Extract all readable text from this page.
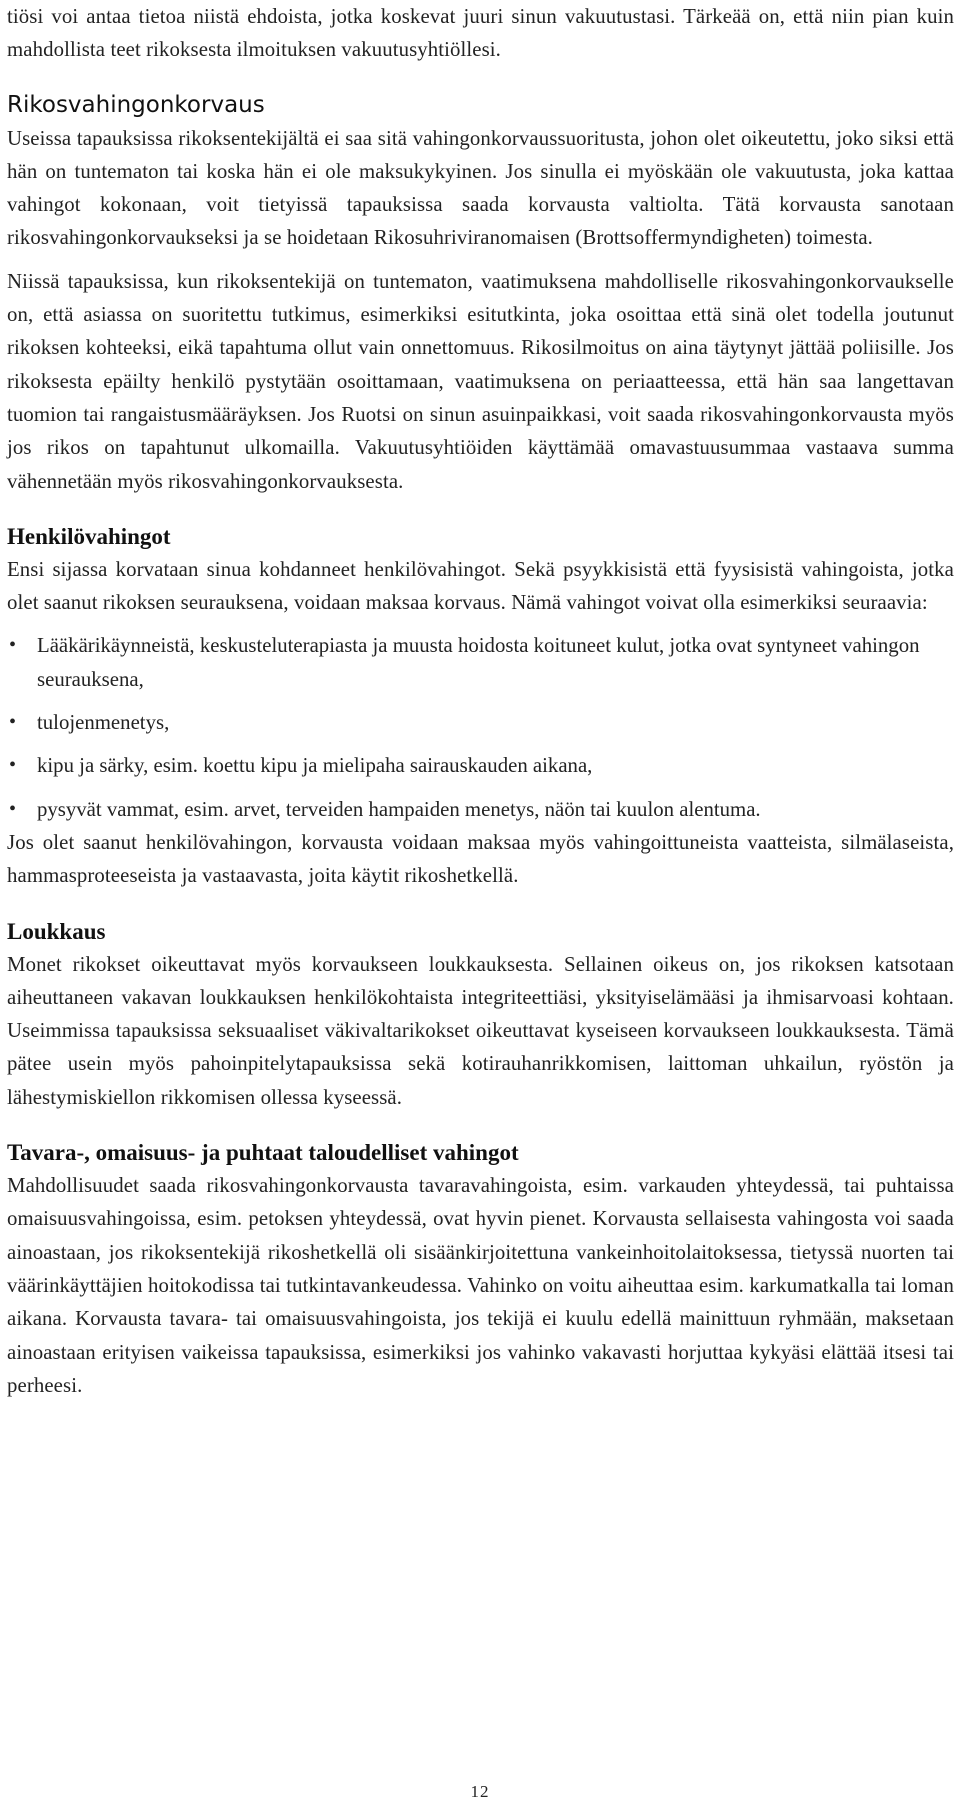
tiösi voi antaa tietoa niistä ehdoista, jotka koskevat juuri sinun vakuutustasi. Tärkeää on, että niin pian kuin mahdollista teet rikoksesta ilmoituksen vakuutusyhtiöllesi.

Rikosvahingonkorvaus

Useissa tapauksissa rikoksentekijältä ei saa sitä vahingonkorvaussuoritusta, johon olet oikeutettu, joko siksi että hän on tuntematon tai koska hän ei ole maksukykyinen. Jos sinulla ei myöskään ole vakuutusta, joka kattaa vahingot kokonaan, voit tietyissä tapauksissa saada korvausta valtiolta. Tätä korvausta sanotaan rikosvahingonkorvaukseksi ja se hoidetaan Rikosuhriviranomaisen (Brottsoffermyndigheten) toimesta.

Niissä tapauksissa, kun rikoksentekijä on tuntematon, vaatimuksena mahdolliselle rikosvahingonkorvaukselle on, että asiassa on suoritettu tutkimus, esimerkiksi esitutkinta, joka osoittaa että sinä olet todella joutunut rikoksen kohteeksi, eikä tapahtuma ollut vain onnettomuus. Rikosilmoitus on aina täytynyt jättää poliisille. Jos rikoksesta epäilty henkilö pystytään osoittamaan, vaatimuksena on periaatteessa, että hän saa langettavan tuomion tai rangaistusmääräyksen. Jos Ruotsi on sinun asuinpaikkasi, voit saada rikosvahingonkorvausta myös jos rikos on tapahtunut ulkomailla. Vakuutusyhtiöiden käyttämää omavastuusummaa vastaava summa vähennetään myös rikosvahingonkorvauksesta.

Henkilövahingot

Ensi sijassa korvataan sinua kohdanneet henkilövahingot. Sekä psyykkisistä että fyysisistä vahingoista, jotka olet saanut rikoksen seurauksena, voidaan maksaa korvaus. Nämä vahingot voivat olla esimerkiksi seuraavia:

• Lääkärikäynneistä, keskusteluterapiasta ja muusta hoidosta koituneet kulut, jotka ovat syntyneet vahingon seurauksena,
• tulojenmenetys,
• kipu ja särky, esim. koettu kipu ja mielipaha sairauskauden aikana,
• pysyvät vammat, esim. arvet, terveiden hampaiden menetys, näön tai kuulon alentuma.

Jos olet saanut henkilövahingon, korvausta voidaan maksaa myös vahingoittuneista vaatteista, silmälaseista, hammasproteeseista ja vastaavasta, joita käytit rikoshetkellä.

Loukkaus

Monet rikokset oikeuttavat myös korvaukseen loukkauksesta. Sellainen oikeus on, jos rikoksen katsotaan aiheuttaneen vakavan loukkauksen henkilökohtaista integriteettiäsi, yksityiselämääsi ja ihmisarvoasi kohtaan. Useimmissa tapauksissa seksuaaliset väkivaltarikokset oikeuttavat kyseiseen korvaukseen loukkauksesta. Tämä pätee usein myös pahoinpitelytapauksissa sekä kotirauhanrikkomisen, laittoman uhkailun, ryöstön ja lähestymiskiellon rikkomisen ollessa kyseessä.

Tavara-, omaisuus- ja puhtaat taloudelliset vahingot

Mahdollisuudet saada rikosvahingonkorvausta tavaravahingoista, esim. varkauden yhteydessä, tai puhtaissa omaisuusvahingoissa, esim. petoksen yhteydessä, ovat hyvin pienet. Korvausta sellaisesta vahingosta voi saada ainoastaan, jos rikoksentekijä rikoshetkellä oli sisäänkirjoitettuna vankeinhoitolaitoksessa, tietyssä nuorten tai väärinkäyttäjien hoitokodissa tai tutkintavankeudessa. Vahinko on voitu aiheuttaa esim. karkumatkalla tai loman aikana. Korvausta tavara- tai omaisuusvahingoista, jos tekijä ei kuulu edellä mainittuun ryhmään, maksetaan ainoastaan erityisen vaikeissa tapauksissa, esimerkiksi jos vahinko vakavasti horjuttaa kykyäsi elättää itsesi tai perheesi.

12
